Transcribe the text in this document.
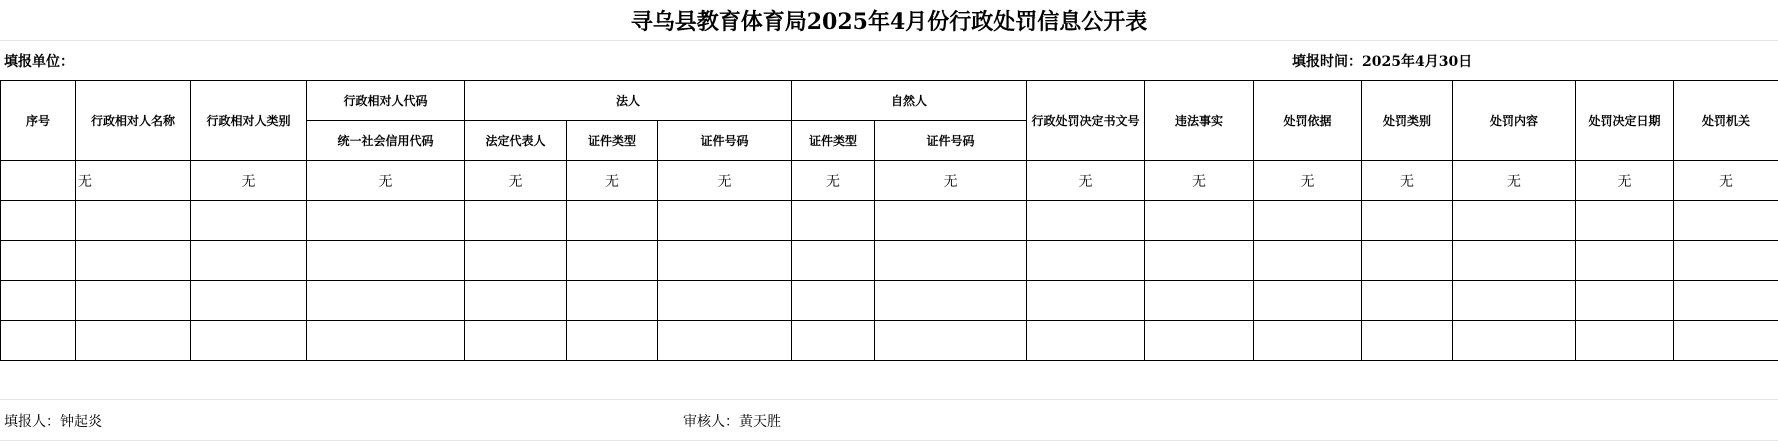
寻乌县教育体育局2025年4月份行政处罚信息公开表
填报单位：	填报时间：2025年4月30日
序号	行政相对人名称	行政相对人类别	行政相对人代码	法人			自然人		行政处罚决定书文号	违法事实	处罚依据	处罚类别	处罚内容	处罚决定日期	处罚机关
			统一社会信用代码	法定代表人	证件类型	证件号码	证件类型	证件号码							
	无	无	无	无	无	无	无	无	无	无	无	无	无	无	无

填报人：钟起炎	审核人：黄天胜
